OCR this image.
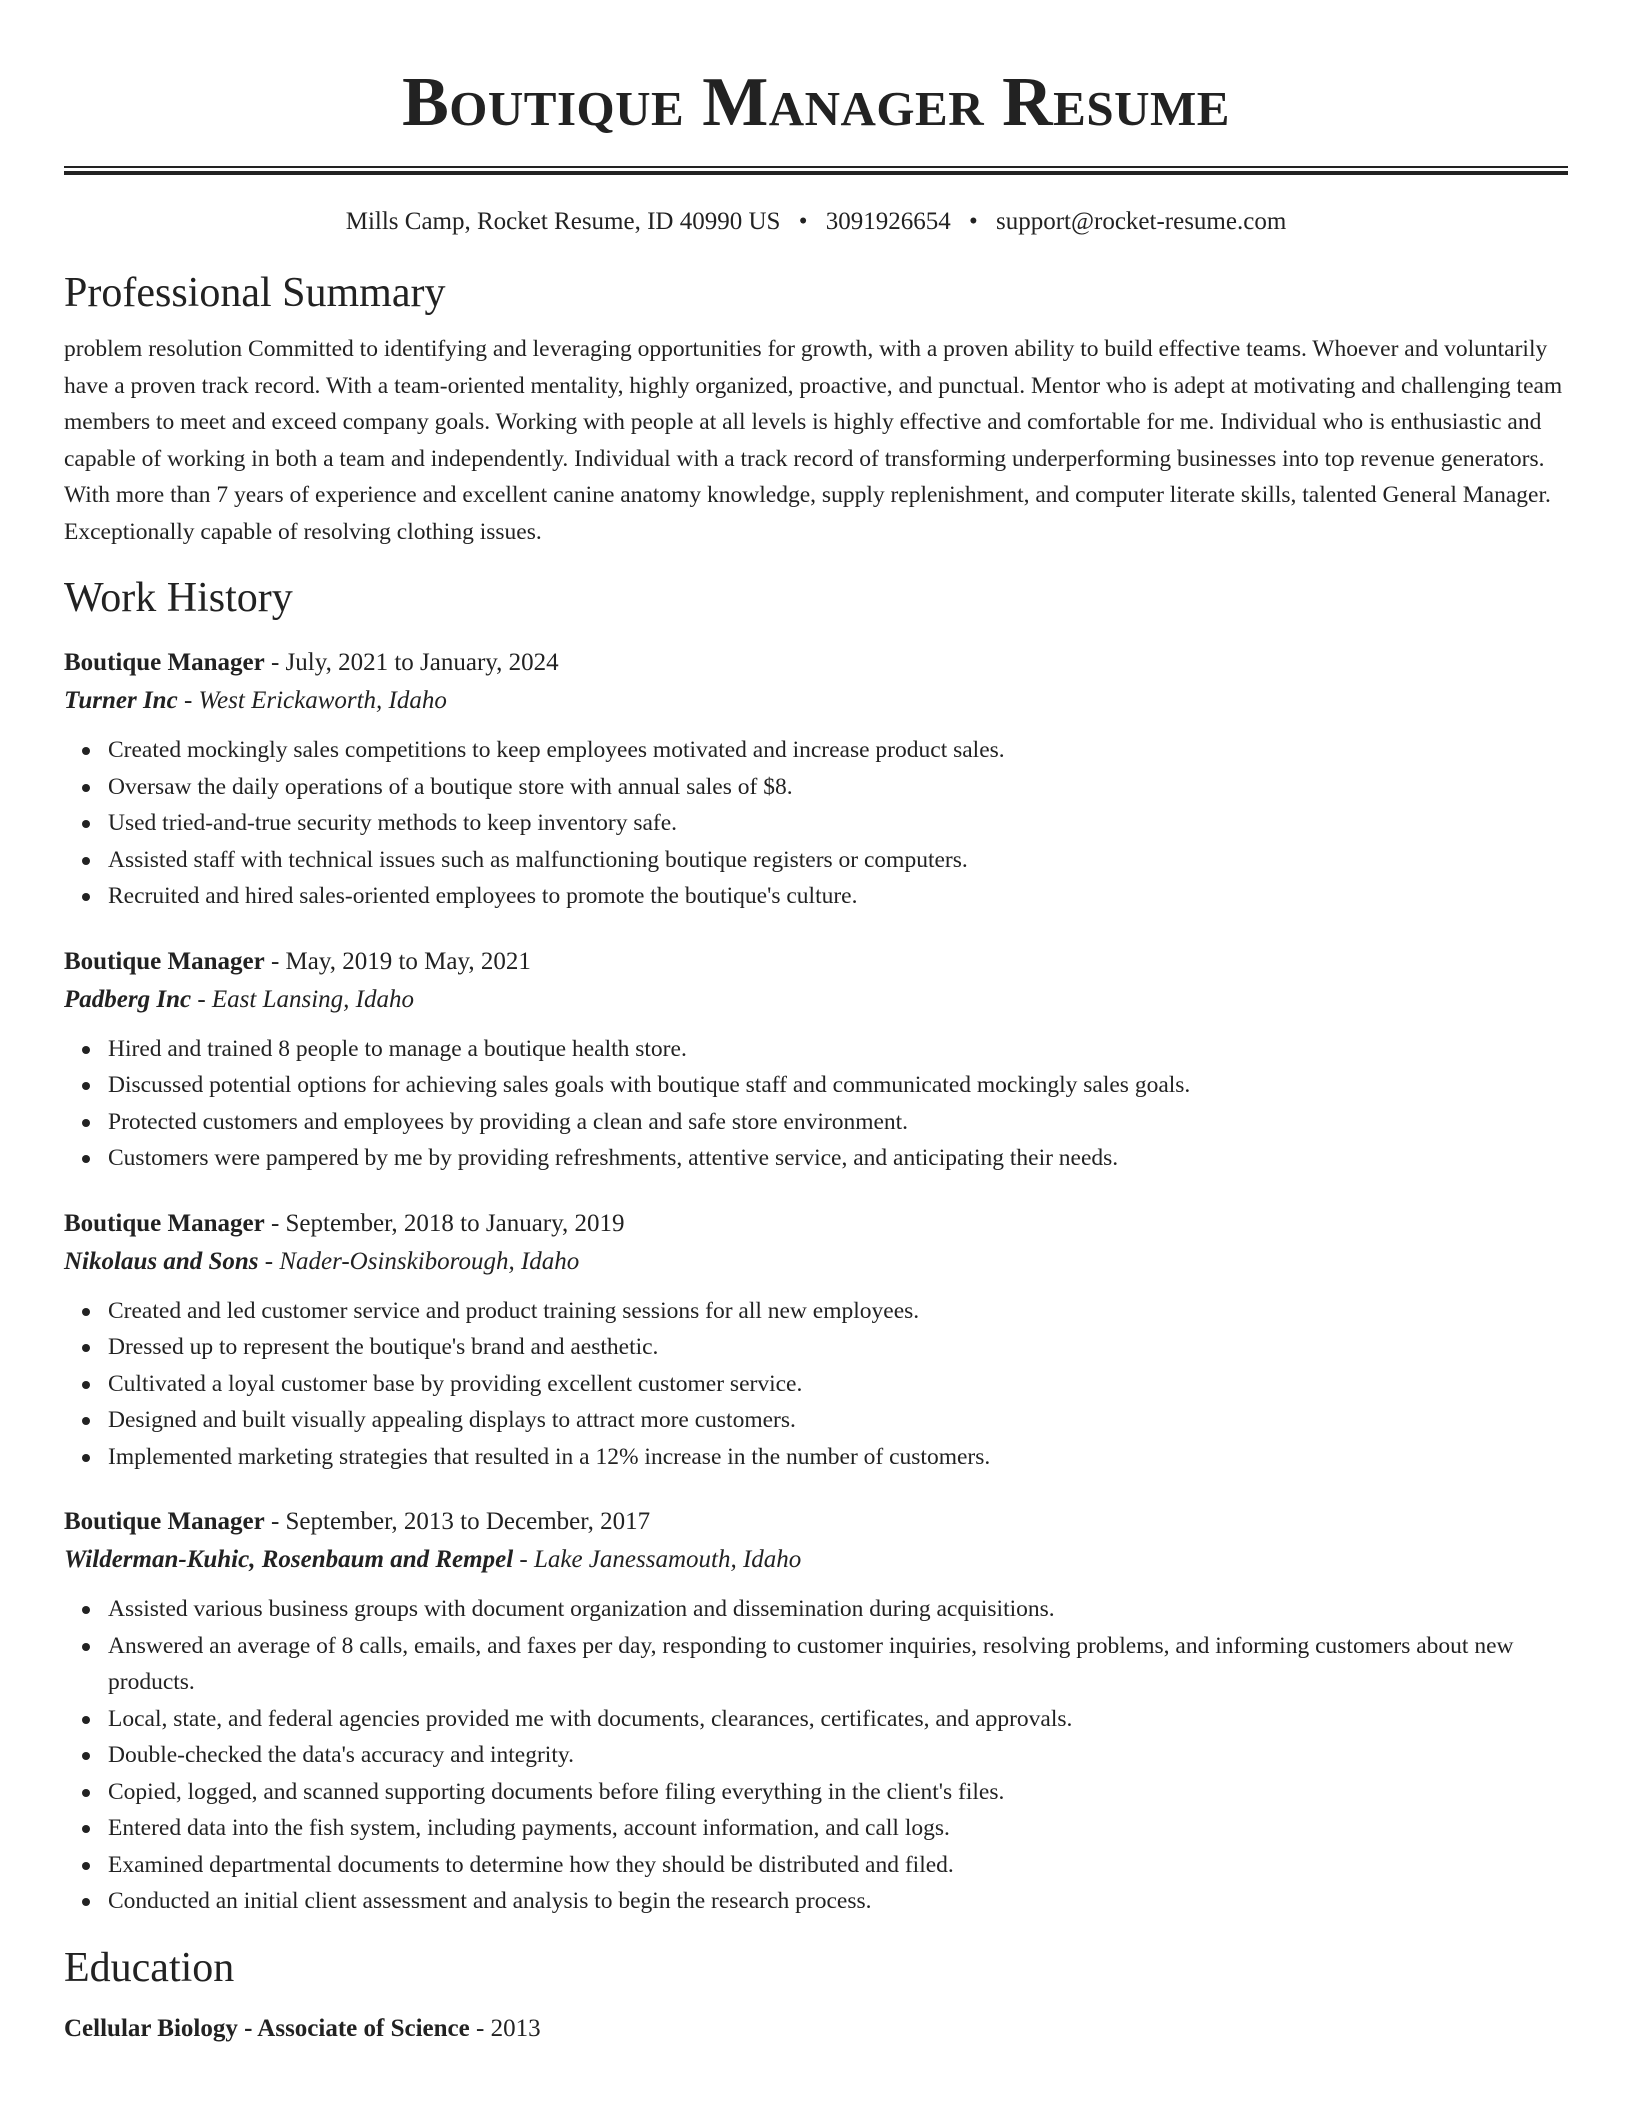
Boutique Manager Resume
Mills Camp, Rocket Resume, ID 40990 US • 3091926654 • support@rocket-resume.com
Professional Summary

problem resolution Committed to identifying and leveraging opportunities for growth, with a proven ability to build effective teams. Whoever and voluntarily have a proven track record. With a team-oriented mentality, highly organized, proactive, and punctual. Mentor who is adept at motivating and challenging team members to meet and exceed company goals. Working with people at all levels is highly effective and comfortable for me. Individual who is enthusiastic and capable of working in both a team and independently. Individual with a track record of transforming underperforming businesses into top revenue generators. With more than 7 years of experience and excellent canine anatomy knowledge, supply replenishment, and computer literate skills, talented General Manager. Exceptionally capable of resolving clothing issues.

Work History
Boutique Manager - July, 2021 to January, 2024
Turner Inc - West Erickaworth, Idaho
Created mockingly sales competitions to keep employees motivated and increase product sales.
Oversaw the daily operations of a boutique store with annual sales of $8.
Used tried-and-true security methods to keep inventory safe.
Assisted staff with technical issues such as malfunctioning boutique registers or computers.
Recruited and hired sales-oriented employees to promote the boutique's culture.
Boutique Manager - May, 2019 to May, 2021
Padberg Inc - East Lansing, Idaho
Hired and trained 8 people to manage a boutique health store.
Discussed potential options for achieving sales goals with boutique staff and communicated mockingly sales goals.
Protected customers and employees by providing a clean and safe store environment.
Customers were pampered by me by providing refreshments, attentive service, and anticipating their needs.
Boutique Manager - September, 2018 to January, 2019
Nikolaus and Sons - Nader-Osinskiborough, Idaho
Created and led customer service and product training sessions for all new employees.
Dressed up to represent the boutique's brand and aesthetic.
Cultivated a loyal customer base by providing excellent customer service.
Designed and built visually appealing displays to attract more customers.
Implemented marketing strategies that resulted in a 12% increase in the number of customers.
Boutique Manager - September, 2013 to December, 2017
Wilderman-Kuhic, Rosenbaum and Rempel - Lake Janessamouth, Idaho
Assisted various business groups with document organization and dissemination during acquisitions.
Answered an average of 8 calls, emails, and faxes per day, responding to customer inquiries, resolving problems, and informing customers about new products.
Local, state, and federal agencies provided me with documents, clearances, certificates, and approvals.
Double-checked the data's accuracy and integrity.
Copied, logged, and scanned supporting documents before filing everything in the client's files.
Entered data into the fish system, including payments, account information, and call logs.
Examined departmental documents to determine how they should be distributed and filed.
Conducted an initial client assessment and analysis to begin the research process.
Education
Cellular Biology - Associate of Science - 2013
